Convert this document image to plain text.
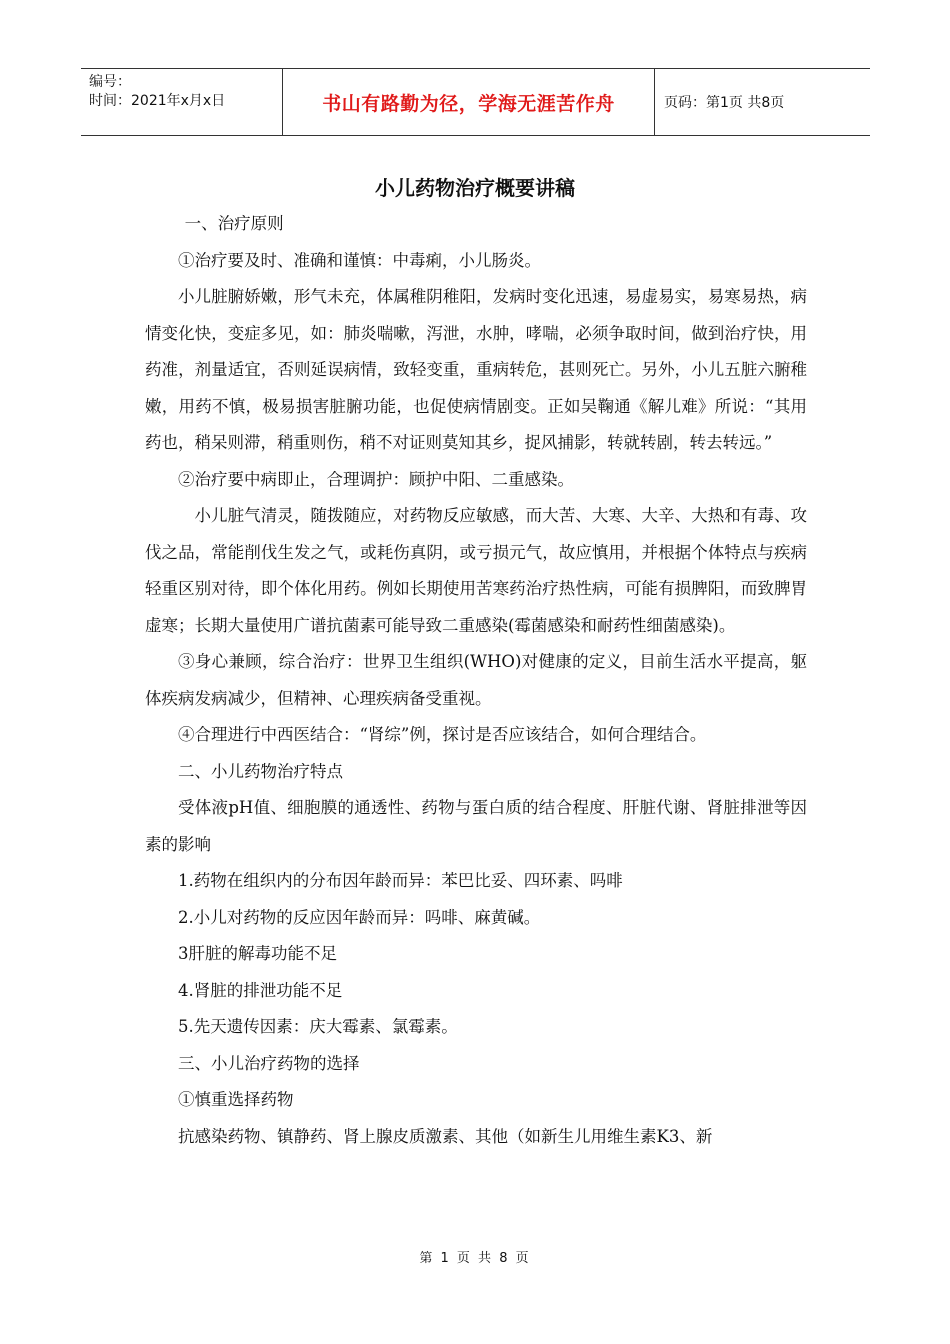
编号：
时间：2021年x月x日	书山有路勤为径，学海无涯苦作舟	页码：第1页 共8页
小儿药物治疗概要讲稿

一、治疗原则

①治疗要及时、准确和谨慎：中毒痢，小儿肠炎。

小儿脏腑娇嫩，形气未充，体属稚阴稚阳，发病时变化迅速，易虚易实，易寒易热，病情变化快，变症多见，如：肺炎喘嗽，泻泄，水肿，哮喘，必须争取时间，做到治疗快，用药准，剂量适宜，否则延误病情，致轻变重，重病转危，甚则死亡。另外，小儿五脏六腑稚嫩，用药不慎，极易损害脏腑功能，也促使病情剧变。正如吴鞠通《解儿难》所说：“其用药也，稍呆则滞，稍重则伤，稍不对证则莫知其乡，捉风捕影，转就转剧，转去转远。”

②治疗要中病即止，合理调护：顾护中阳、二重感染。

小儿脏气清灵，随拨随应，对药物反应敏感，而大苦、大寒、大辛、大热和有毒、攻伐之品，常能削伐生发之气，或耗伤真阴，或亏损元气，故应慎用，并根据个体特点与疾病轻重区别对待，即个体化用药。例如长期使用苦寒药治疗热性病，可能有损脾阳，而致脾胃虚寒；长期大量使用广谱抗菌素可能导致二重感染(霉菌感染和耐药性细菌感染)。

③身心兼顾，综合治疗：世界卫生组织(WHO)对健康的定义，目前生活水平提高，躯体疾病发病减少，但精神、心理疾病备受重视。

④合理进行中西医结合：“肾综”例，探讨是否应该结合，如何合理结合。

二、小儿药物治疗特点

受体液pH值、细胞膜的通透性、药物与蛋白质的结合程度、肝脏代谢、肾脏排泄等因素的影响

1.药物在组织内的分布因年龄而异：苯巴比妥、四环素、吗啡

2.小儿对药物的反应因年龄而异：吗啡、麻黄碱。

3肝脏的解毒功能不足

4.肾脏的排泄功能不足

5.先天遗传因素：庆大霉素、氯霉素。

三、小儿治疗药物的选择

①慎重选择药物

抗感染药物、镇静药、肾上腺皮质激素、其他（如新生儿用维生素K3、新

第 1 页 共 8 页
